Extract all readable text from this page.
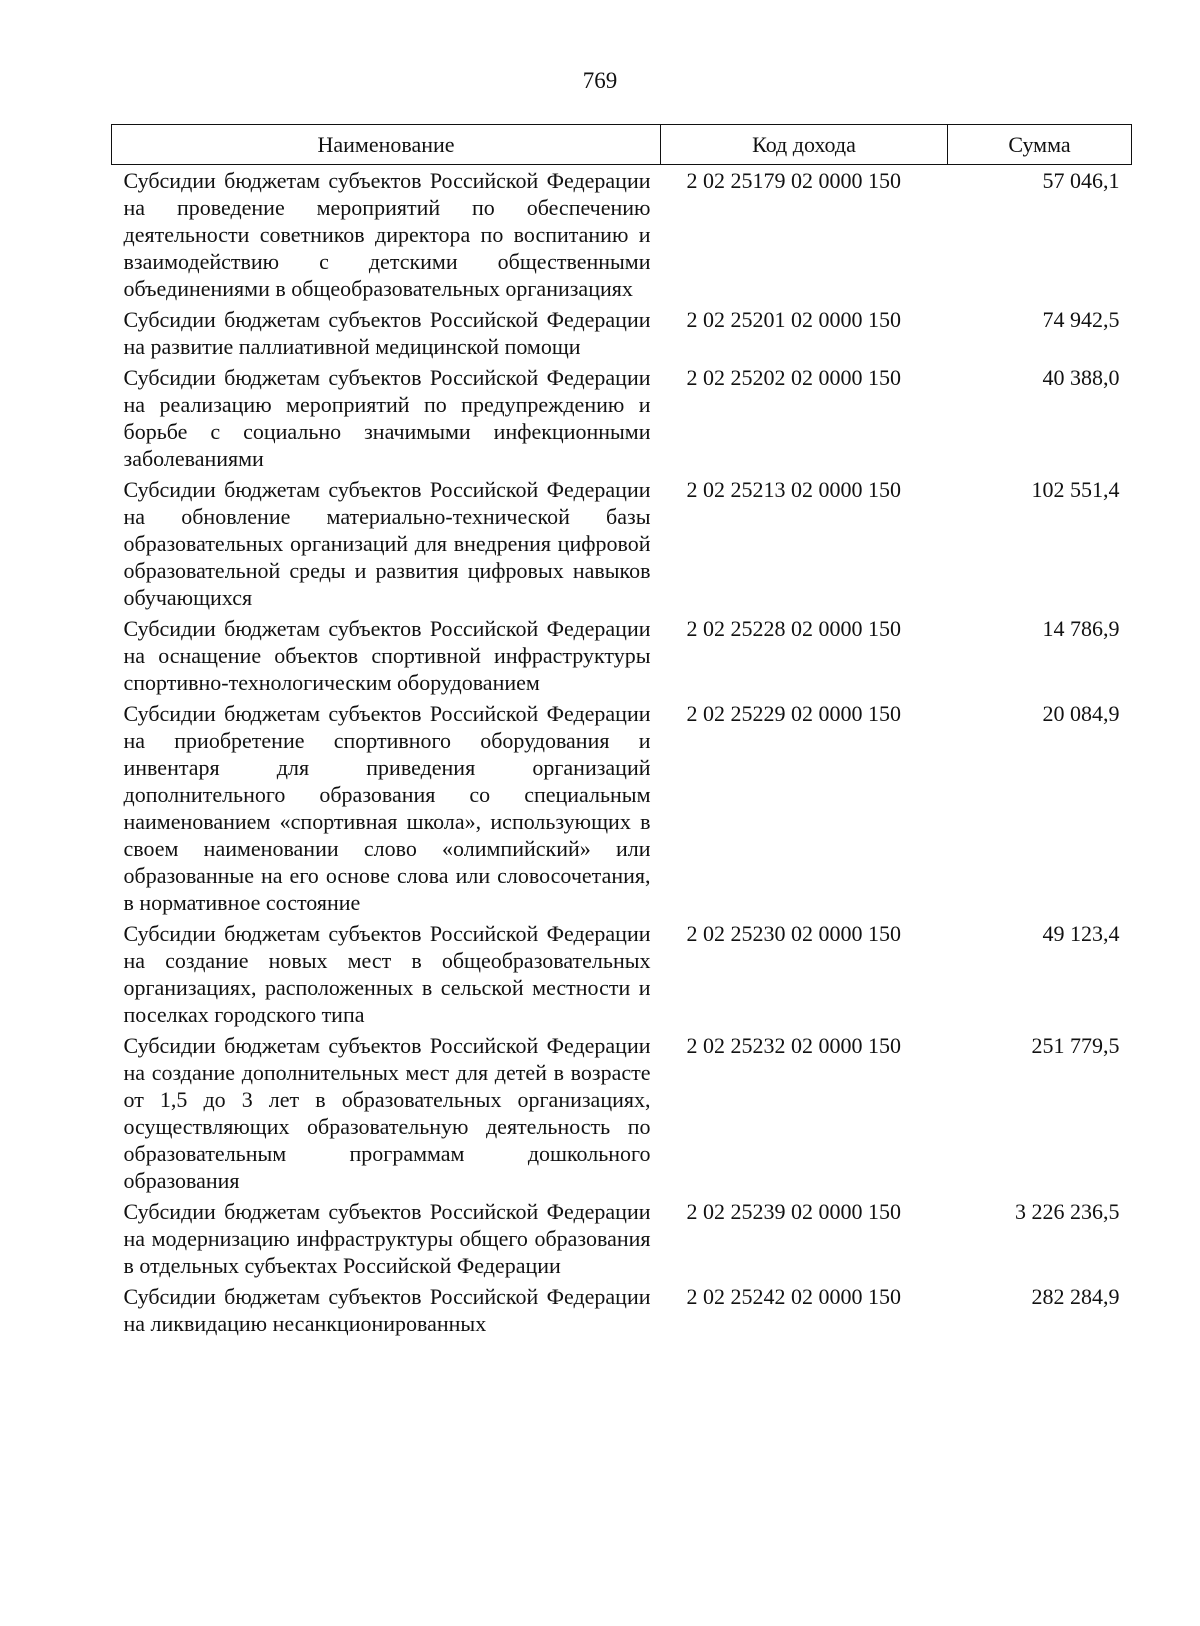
769
Наименование	Код дохода	Сумма
Субсидии бюджетам субъектов Российской Федерации на проведение мероприятий по обеспечению деятельности советников директора по воспитанию и взаимодействию с детскими общественными объединениями в общеобразовательных организациях	2 02 25179 02 0000 150	57 046,1
Субсидии бюджетам субъектов Российской Федерации на развитие паллиативной медицинской помощи	2 02 25201 02 0000 150	74 942,5
Субсидии бюджетам субъектов Российской Федерации на реализацию мероприятий по предупреждению и борьбе с социально значимыми инфекционными заболеваниями	2 02 25202 02 0000 150	40 388,0
Субсидии бюджетам субъектов Российской Федерации на обновление материально-технической базы образовательных организаций для внедрения цифровой образовательной среды и развития цифровых навыков обучающихся	2 02 25213 02 0000 150	102 551,4
Субсидии бюджетам субъектов Российской Федерации на оснащение объектов спортивной инфраструктуры спортивно-технологическим оборудованием	2 02 25228 02 0000 150	14 786,9
Субсидии бюджетам субъектов Российской Федерации на приобретение спортивного оборудования и инвентаря для приведения организаций дополнительного образования со специальным наименованием «спортивная школа», использующих в своем наименовании слово «олимпийский» или образованные на его основе слова или словосочетания, в нормативное состояние	2 02 25229 02 0000 150	20 084,9
Субсидии бюджетам субъектов Российской Федерации на создание новых мест в общеобразовательных организациях, расположенных в сельской местности и поселках городского типа	2 02 25230 02 0000 150	49 123,4
Субсидии бюджетам субъектов Российской Федерации на создание дополнительных мест для детей в возрасте от 1,5 до 3 лет в образовательных организациях, осуществляющих образовательную деятельность по образовательным программам дошкольного образования	2 02 25232 02 0000 150	251 779,5
Субсидии бюджетам субъектов Российской Федерации на модернизацию инфраструктуры общего образования в отдельных субъектах Российской Федерации	2 02 25239 02 0000 150	3 226 236,5
Субсидии бюджетам субъектов Российской Федерации на ликвидацию несанкционированных	2 02 25242 02 0000 150	282 284,9
